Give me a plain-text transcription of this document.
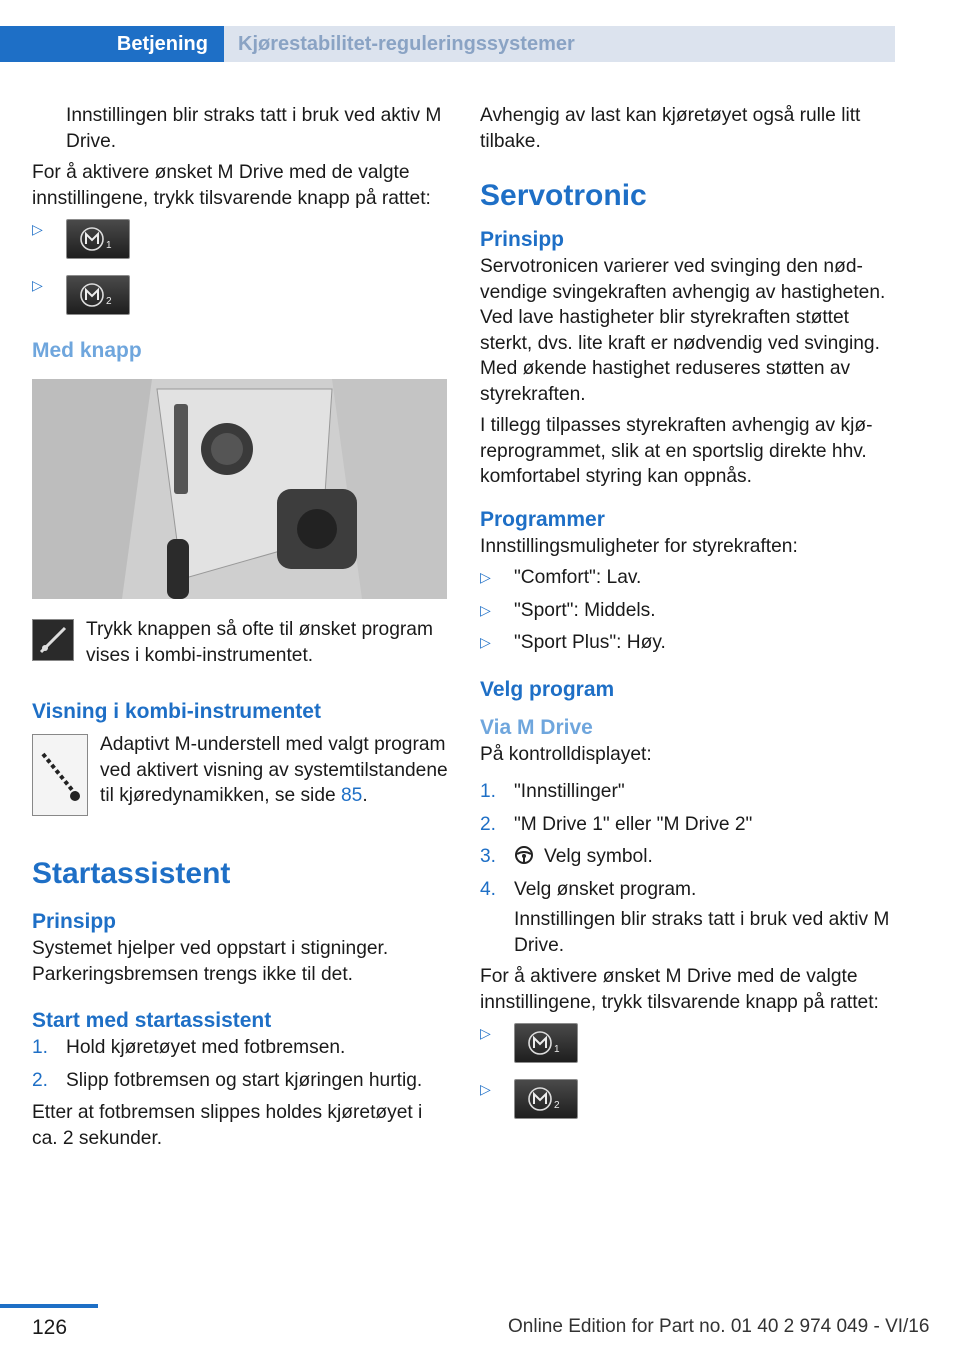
Betjening	Kjørestabilitet-reguleringssystemer

Innstillingen blir straks tatt i bruk ved aktiv M Drive.

For å aktivere ønsket M Drive med de valgte innstillingene, trykk tilsvarende knapp på rattet:

▷
1
▷
2
Med knapp

Trykk knappen så ofte til ønsket program vises i kombi-instrumentet.

Visning i kombi-instrumentet

Adaptivt M-understell med valgt program ved aktivert visning av systemtilstandene til kjøredynamikken, se side 85.

Startassistent
Prinsipp

Systemet hjelper ved oppstart i stigninger. Parkeringsbremsen trengs ikke til det.

Start med startassistent
1. Hold kjøretøyet med fotbremsen.
2. Slipp fotbremsen og start kjøringen hurtig.

Etter at fotbremsen slippes holdes kjøretøyet i ca. 2 sekunder.

Avhengig av last kan kjøretøyet også rulle litt tilbake.

Servotronic
Prinsipp

Servotronicen varierer ved svinging den nødvendige svingekraften avhengig av hastigheten. Ved lave hastigheter blir styrekraften støttet sterkt, dvs. lite kraft er nødvendig ved svinging. Med økende hastighet reduseres støtten av styrekraften.

I tillegg tilpasses styrekraften avhengig av kjøreprogrammet, slik at en sportslig direkte hhv. komfortabel styring kan oppnås.

Programmer

Innstillingsmuligheter for styrekraften:

▷	"Comfort": Lav.
▷	"Sport": Middels.
▷	"Sport Plus": Høy.
Velg program
Via M Drive

På kontrolldisplayet:

1. "Innstillinger"
2. "M Drive 1" eller "M Drive 2"
3.	Velg symbol.
4. Velg ønsket program.

Innstillingen blir straks tatt i bruk ved aktiv M Drive.

For å aktivere ønsket M Drive med de valgte innstillingene, trykk tilsvarende knapp på rattet:

▷
1
▷
2
126	Online Edition for Part no. 01 40 2 974 049 - VI/16
